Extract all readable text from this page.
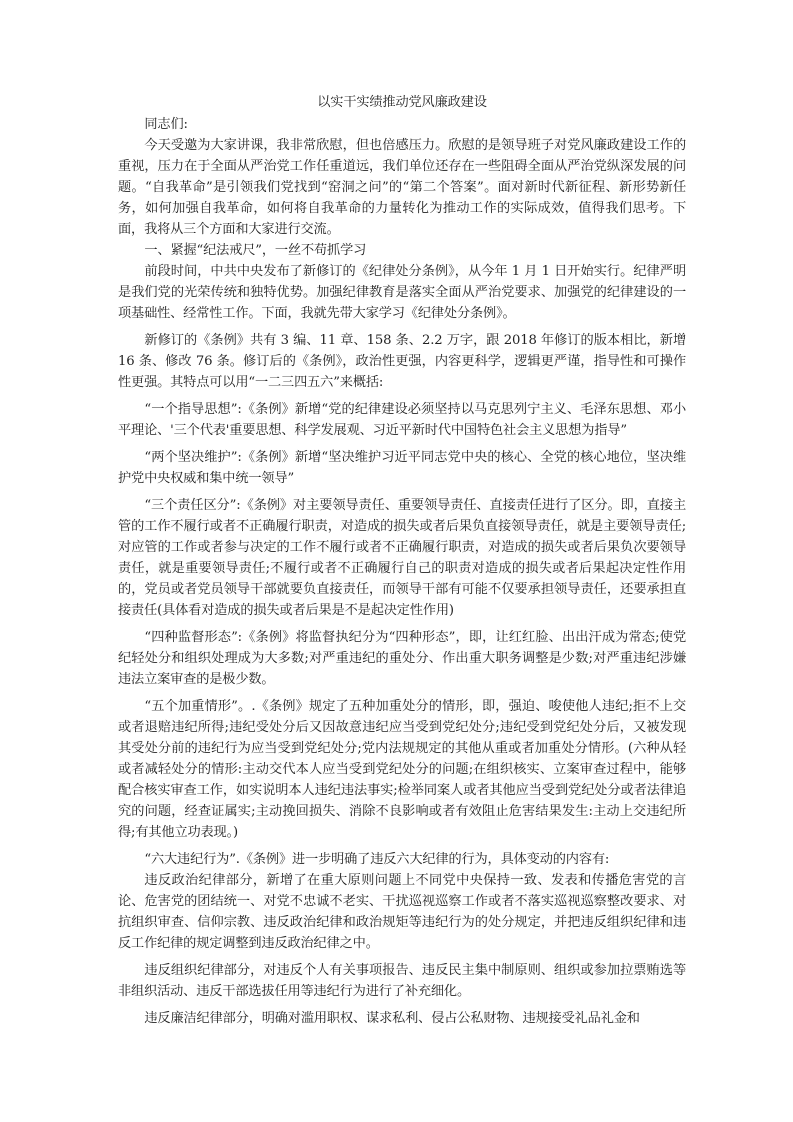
以实干实绩推动党风廉政建设

同志们:

今天受邀为大家讲课，我非常欣慰，但也倍感压力。欣慰的是领导班子对党风廉政建设工作的重视，压力在于全面从严治党工作任重道远，我们单位还存在一些阻碍全面从严治党纵深发展的问题。“自我革命”是引领我们党找到“窑洞之问”的“第二个答案”。面对新时代新征程、新形势新任务，如何加强自我革命，如何将自我革命的力量转化为推动工作的实际成效，值得我们思考。下面，我将从三个方面和大家进行交流。

一、紧握“纪法戒尺”，一丝不苟抓学习

前段时间，中共中央发布了新修订的《纪律处分条例》，从今年 1 月 1 日开始实行。纪律严明是我们党的光荣传统和独特优势。加强纪律教育是落实全面从严治党要求、加强党的纪律建设的一项基础性、经常性工作。下面，我就先带大家学习《纪律处分条例》。

新修订的《条例》共有 3 编、11 章、158 条、2.2 万字，跟 2018 年修订的版本相比，新增 16 条、修改 76 条。修订后的《条例》，政治性更强，内容更科学，逻辑更严谨，指导性和可操作性更强。其特点可以用“一二三四五六”来概括:

“一个指导思想”:《条例》新增“党的纪律建设必须坚持以马克思列宁主义、毛泽东思想、邓小平理论、'三个代表'重要思想、科学发展观、习近平新时代中国特色社会主义思想为指导”

“两个坚决维护”:《条例》新增“坚决维护习近平同志党中央的核心、全党的核心地位，坚决维护党中央权威和集中统一领导”

“三个责任区分”:《条例》对主要领导责任、重要领导责任、直接责任进行了区分。即，直接主管的工作不履行或者不正确履行职责，对造成的损失或者后果负直接领导责任，就是主要领导责任;对应管的工作或者参与决定的工作不履行或者不正确履行职责，对造成的损失或者后果负次要领导责任，就是重要领导责任;不履行或者不正确履行自己的职责对造成的损失或者后果起决定性作用的，党员或者党员领导干部就要负直接责任，而领导干部有可能不仅要承担领导责任，还要承担直接责任(具体看对造成的损失或者后果是不是起决定性作用)

“四种监督形态”:《条例》将监督执纪分为“四种形态”，即，让红红脸、出出汗成为常态;使党纪轻处分和组织处理成为大多数;对严重违纪的重处分、作出重大职务调整是少数;对严重违纪涉嫌违法立案审查的是极少数。

“五个加重情形”。.《条例》规定了五种加重处分的情形，即，强迫、唆使他人违纪;拒不上交或者退赔违纪所得;违纪受处分后又因故意违纪应当受到党纪处分;违纪受到党纪处分后，又被发现其受处分前的违纪行为应当受到党纪处分;党内法规规定的其他从重或者加重处分情形。(六种从轻或者减轻处分的情形:主动交代本人应当受到党纪处分的问题;在组织核实、立案审查过程中，能够配合核实审查工作，如实说明本人违纪违法事实;检举同案人或者其他应当受到党纪处分或者法律追究的问题，经查证属实;主动挽回损失、消除不良影响或者有效阻止危害结果发生:主动上交违纪所得;有其他立功表现。)

“六大违纪行为”.《条例》进一步明确了违反六大纪律的行为，具体变动的内容有:

违反政治纪律部分，新增了在重大原则问题上不同党中央保持一致、发表和传播危害党的言论、危害党的团结统一、对党不忠诚不老实、干扰巡视巡察工作或者不落实巡视巡察整改要求、对抗组织审查、信仰宗教、违反政治纪律和政治规矩等违纪行为的处分规定，并把违反组织纪律和违反工作纪律的规定调整到违反政治纪律之中。

违反组织纪律部分，对违反个人有关事项报告、违反民主集中制原则、组织或参加拉票贿选等非组织活动、违反干部选拔任用等违纪行为进行了补充细化。

违反廉洁纪律部分，明确对滥用职权、谋求私利、侵占公私财物、违规接受礼品礼金和
